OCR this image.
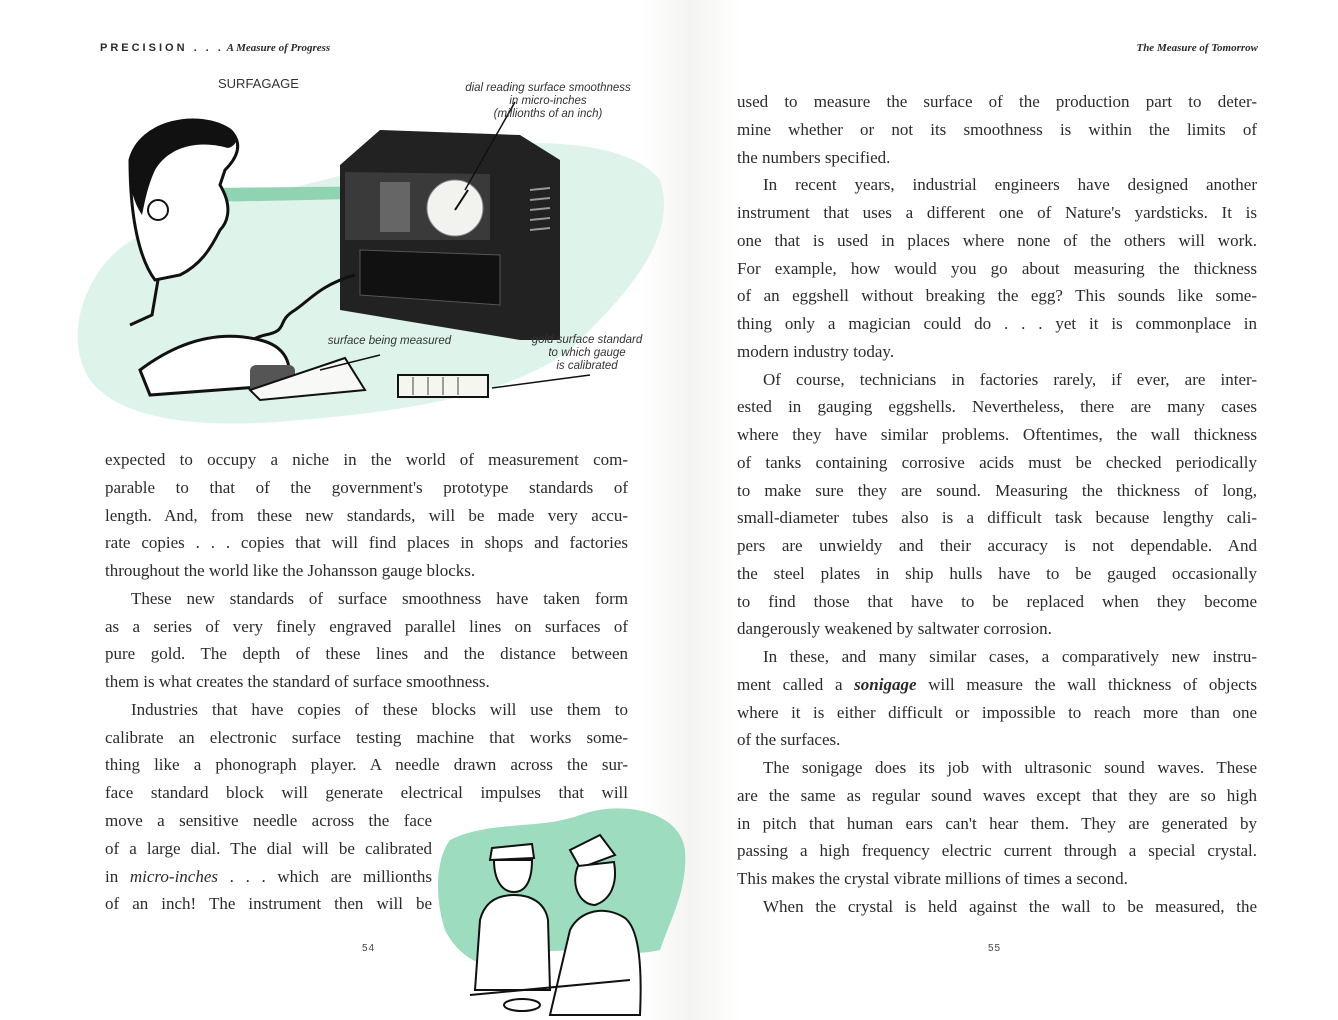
PRECISION . . . A Measure of Progress	The Measure of Tomorrow
SURFAGAGE	dial reading surface smoothness
in micro-inches
(millionths of an inch)
surface being measured	gold surface standard
to which gauge
is calibrated
expected to occupy a niche in the world of measurement com-
parable to that of the government's prototype standards of
length. And, from these new standards, will be made very accu-
rate copies . . . copies that will find places in shops and factories
throughout the world like the Johansson gauge blocks.
These new standards of surface smoothness have taken form
as a series of very finely engraved parallel lines on surfaces of
pure gold. The depth of these lines and the distance between
them is what creates the standard of surface smoothness.
Industries that have copies of these blocks will use them to
calibrate an electronic surface testing machine that works some-
thing like a phonograph player. A needle drawn across the sur-
face standard block will generate electrical impulses that will
move a sensitive needle across the face
of a large dial. The dial will be calibrated
in micro-inches . . . which are millionths
of an inch! The instrument then will be
used to measure the surface of the production part to deter-
mine whether or not its smoothness is within the limits of
the numbers specified.
In recent years, industrial engineers have designed another
instrument that uses a different one of Nature's yardsticks. It is
one that is used in places where none of the others will work.
For example, how would you go about measuring the thickness
of an eggshell without breaking the egg? This sounds like some-
thing only a magician could do . . . yet it is commonplace in
modern industry today.
Of course, technicians in factories rarely, if ever, are inter-
ested in gauging eggshells. Nevertheless, there are many cases
where they have similar problems. Oftentimes, the wall thickness
of tanks containing corrosive acids must be checked periodically
to make sure they are sound. Measuring the thickness of long,
small-diameter tubes also is a difficult task because lengthy cali-
pers are unwieldy and their accuracy is not dependable. And
the steel plates in ship hulls have to be gauged occasionally
to find those that have to be replaced when they become
dangerously weakened by saltwater corrosion.
In these, and many similar cases, a comparatively new instru-
ment called a sonigage will measure the wall thickness of objects
where it is either difficult or impossible to reach more than one
of the surfaces.
The sonigage does its job with ultrasonic sound waves. These
are the same as regular sound waves except that they are so high
in pitch that human ears can't hear them. They are generated by
passing a high frequency electric current through a special crystal.
This makes the crystal vibrate millions of times a second.
When the crystal is held against the wall to be measured, the
54	55
